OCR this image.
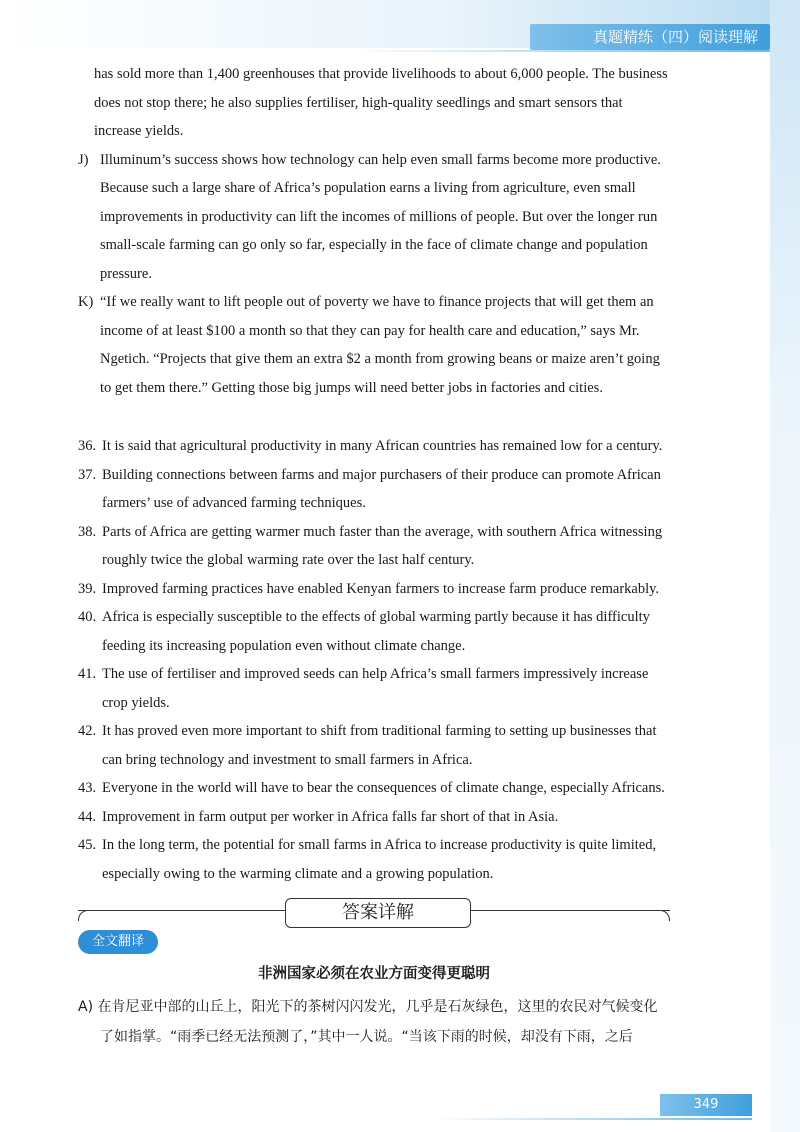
真题精练（四）阅读理解

has sold more than 1,400 greenhouses that provide livelihoods to about 6,000 people. The business does not stop there; he also supplies fertiliser, high-quality seedlings and smart sensors that increase yields.

J) Illuminum’s success shows how technology can help even small farms become more productive. Because such a large share of Africa’s population earns a living from agriculture, even small improvements in productivity can lift the incomes of millions of people. But over the longer run small-scale farming can go only so far, especially in the face of climate change and population pressure.

K) “If we really want to lift people out of poverty we have to finance projects that will get them an income of at least $100 a month so that they can pay for health care and education,” says Mr. Ngetich. “Projects that give them an extra $2 a month from growing beans or maize aren’t going to get them there.” Getting those big jumps will need better jobs in factories and cities.

36. It is said that agricultural productivity in many African countries has remained low for a century.

37. Building connections between farms and major purchasers of their produce can promote African farmers’ use of advanced farming techniques.

38. Parts of Africa are getting warmer much faster than the average, with southern Africa witnessing roughly twice the global warming rate over the last half century.

39. Improved farming practices have enabled Kenyan farmers to increase farm produce remarkably.

40. Africa is especially susceptible to the effects of global warming partly because it has difficulty feeding its increasing population even without climate change.

41. The use of fertiliser and improved seeds can help Africa’s small farmers impressively increase crop yields.

42. It has proved even more important to shift from traditional farming to setting up businesses that can bring technology and investment to small farmers in Africa.

43. Everyone in the world will have to bear the consequences of climate change, especially Africans.

44. Improvement in farm output per worker in Africa falls far short of that in Asia.

45. In the long term, the potential for small farms in Africa to increase productivity is quite limited, especially owing to the warming climate and a growing population.

答案详解
全文翻译
非洲国家必须在农业方面变得更聪明

A) 在肯尼亚中部的山丘上，阳光下的茶树闪闪发光，几乎是石灰绿色，这里的农民对气候变化了如指掌。“雨季已经无法预测了，”其中一人说。“当该下雨的时候，却没有下雨，之后

349
